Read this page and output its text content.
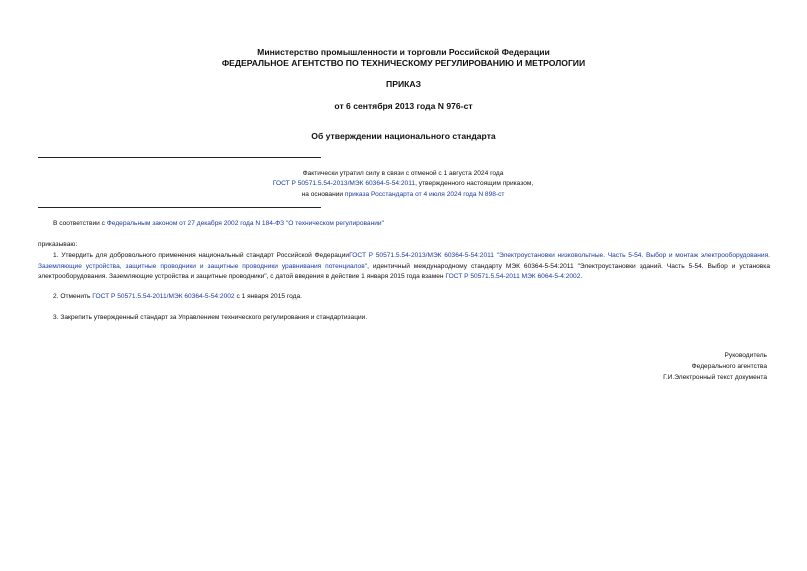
Министерство промышленности и торговли Российской Федерации
ФЕДЕРАЛЬНОЕ АГЕНТСТВО ПО ТЕХНИЧЕСКОМУ РЕГУЛИРОВАНИЮ И МЕТРОЛОГИИ
ПРИКАЗ
от 6 сентября 2013 года N 976-ст
Об утверждении национального стандарта
Фактически утратил силу в связи с отменой с 1 августа 2024 года
ГОСТ Р 50571.5.54-2013/МЭК 60364-5-54:2011, утвержденного настоящим приказом,
на основании приказа Росстандарта от 4 июля 2024 года N 898-ст
В соответствии с Федеральным законом от 27 декабря 2002 года N 184-ФЗ "О техническом регулировании"
приказываю:
1. Утвердить для добровольного применения национальный стандарт Российской ФедерацииГОСТ Р 50571.5.54-2013/МЭК 60364-5-54:2011 "Электроустановки низковольтные. Часть 5-54. Выбор и монтаж электрооборудования. Заземляющие устройства, защитные проводники и защитные проводники уравнивания потенциалов", идентичный международному стандарту МЭК 60364-5-54:2011 "Электроустановки зданий. Часть 5-54. Выбор и установка электрооборудования. Заземляющие устройства и защитные проводники", с датой введения в действие 1 января 2015 года взамен ГОСТ Р 50571.5.54-2011 МЭК 6064-5-4:2002.
2. Отменить ГОСТ Р 50571.5.54-2011/МЭК 60364-5-54:2002 с 1 января 2015 года.
3. Закрепить утвержденный стандарт за Управлением технического регулирования и стандартизации.
Руководитель
Федерального агентства
Г.И.Электронный текст документа
